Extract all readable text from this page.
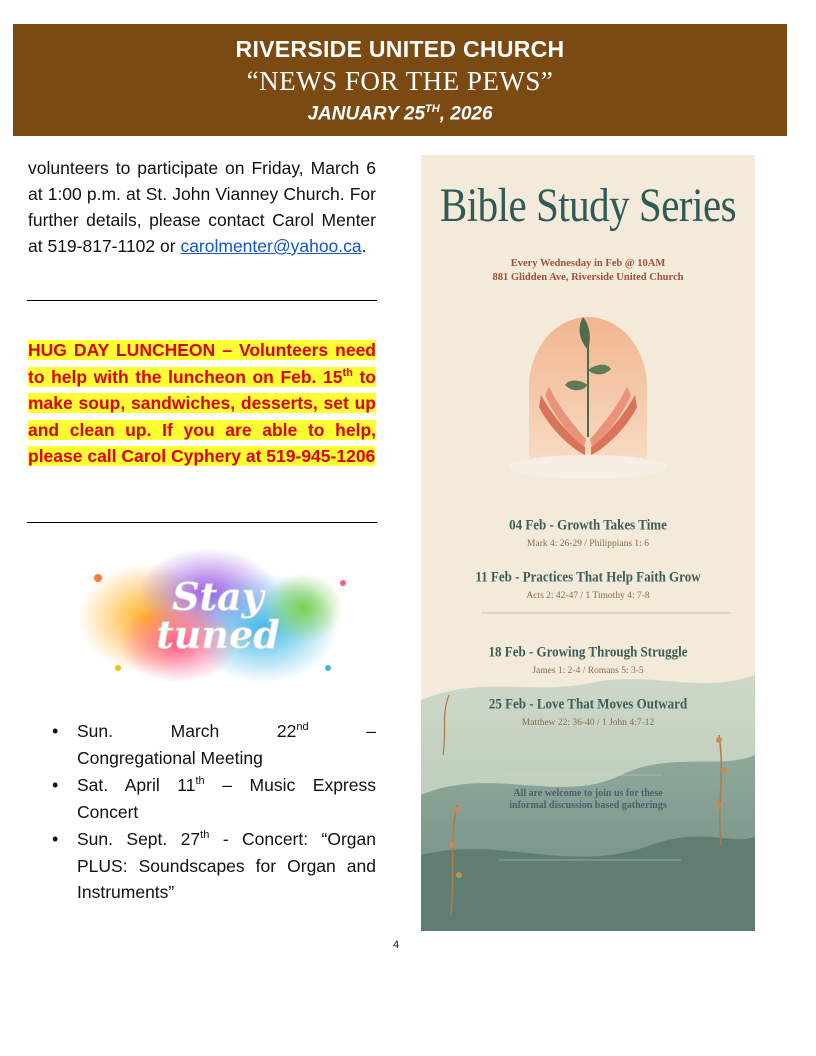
RIVERSIDE UNITED CHURCH
“NEWS FOR THE PEWS”
JANUARY 25TH, 2026
volunteers to participate on Friday, March 6 at 1:00 p.m. at St. John Vianney Church. For further details, please contact Carol Menter at 519-817-1102 or carolmenter@yahoo.ca.
HUG DAY LUNCHEON – Volunteers need to help with the luncheon on Feb. 15th to make soup, sandwiches, desserts, set up and clean up. If you are able to help, please call Carol Cyphery at 519-945-1206
Stay
tuned
• Sun. March 22nd –
Congregational Meeting
• Sat. April 11th – Music Express Concert
• Sun. Sept. 27th - Concert: “Organ PLUS: Soundscapes for Organ and Instruments”
Bible Study Series
Every Wednesday in Feb @ 10AM
881 Glidden Ave, Riverside United Church
04 Feb - Growth Takes Time
Mark 4: 26-29 / Philippians 1: 6
11 Feb - Practices That Help Faith Grow
Acts 2: 42-47 / 1 Timothy 4: 7-8
18 Feb - Growing Through Struggle
James 1: 2-4 / Romans 5: 3-5
25 Feb - Love That Moves Outward
Matthew 22: 36-40 / 1 John 4:7-12
All are welcome to join us for these
informal discussion based gatherings
4
